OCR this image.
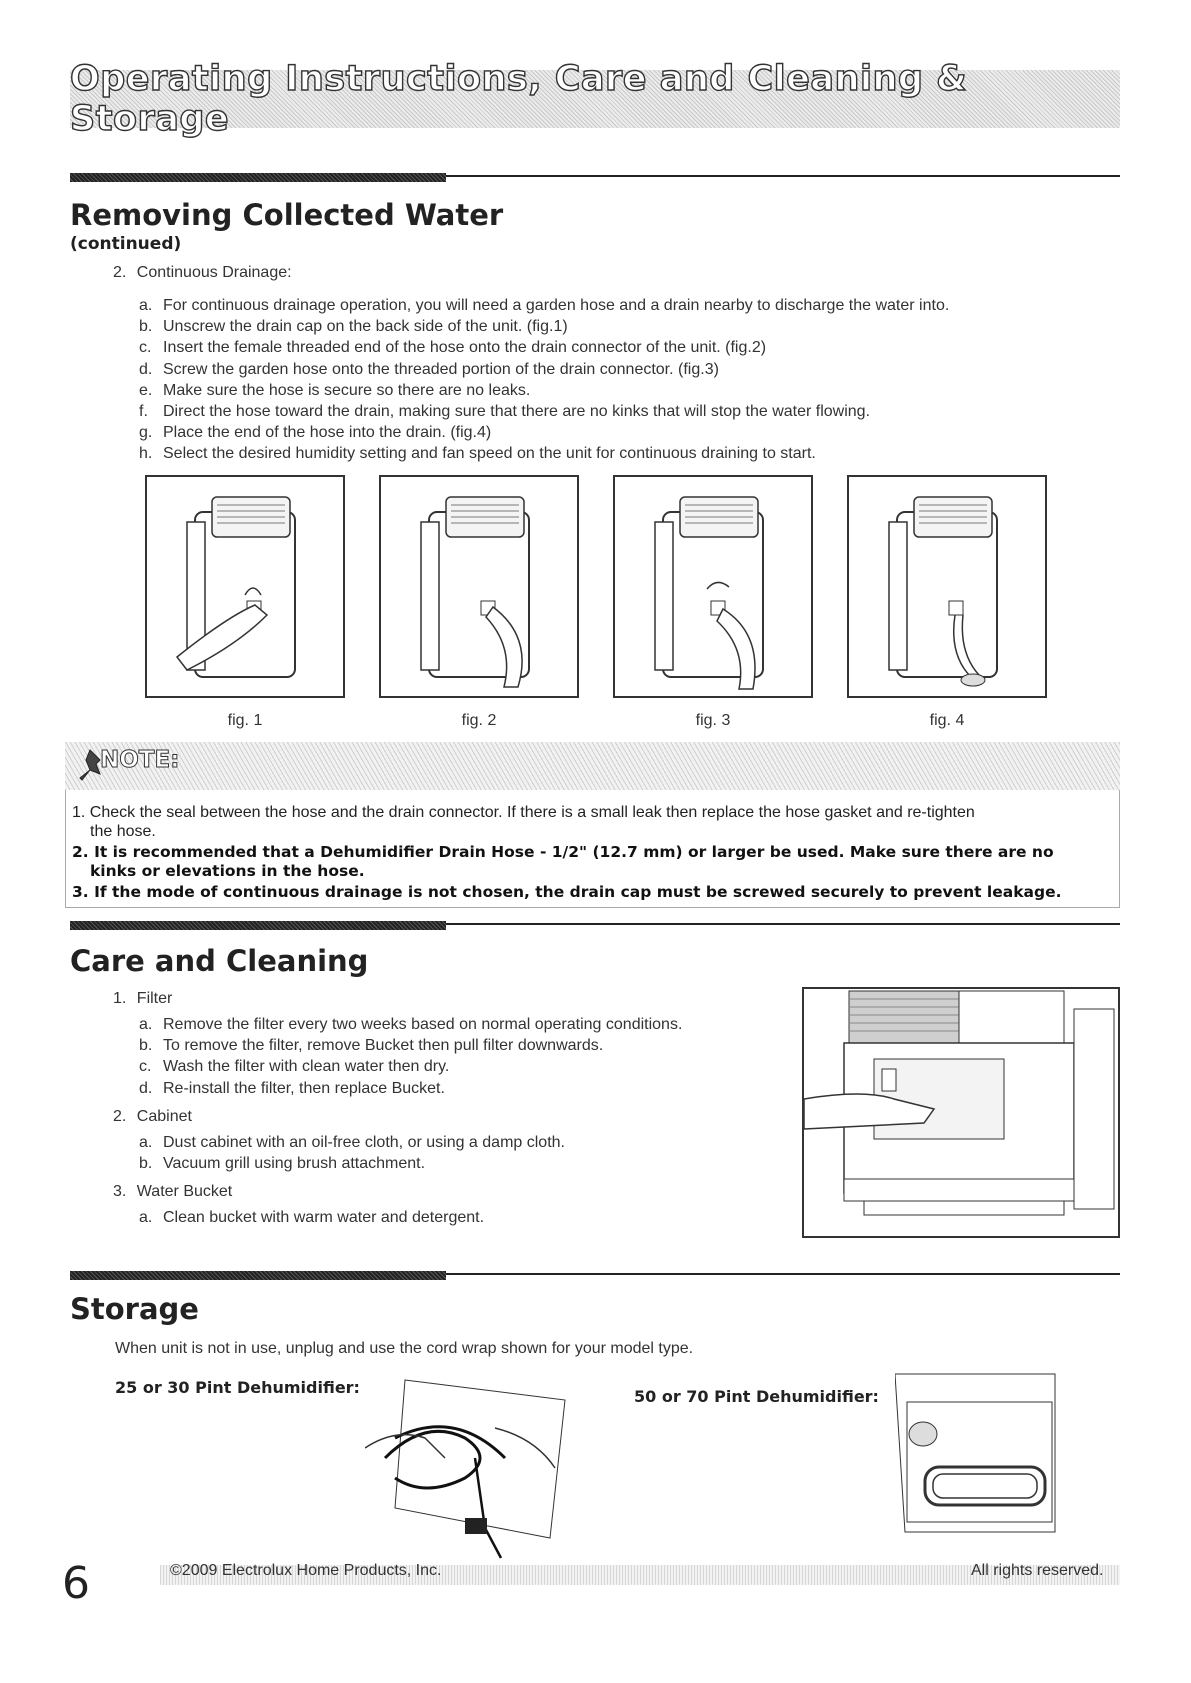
Operating Instructions, Care and Cleaning & Storage
Removing Collected Water
(continued)
2. Continuous Drainage:
a. For continuous drainage operation, you will need a garden hose and a drain nearby to discharge the water into.
b. Unscrew the drain cap on the back side of the unit. (fig.1)
c. Insert the female threaded end of the hose onto the drain connector of the unit. (fig.2)
d. Screw the garden hose onto the threaded portion of the drain connector. (fig.3)
e. Make sure the hose is secure so there are no leaks.
f. Direct the hose toward the drain, making sure that there are no kinks that will stop the water flowing.
g. Place the end of the hose into the drain. (fig.4)
h. Select the desired humidity setting and fan speed on the unit for continuous draining to start.
fig. 1	fig. 2	fig. 3	fig. 4
NOTE:
1. Check the seal between the hose and the drain connector. If there is a small leak then replace the hose gasket and re-tighten
the hose.
2. It is recommended that a Dehumidifier Drain Hose - 1/2" (12.7 mm) or larger be used. Make sure there are no
kinks or elevations in the hose.
3. If the mode of continuous drainage is not chosen, the drain cap must be screwed securely to prevent leakage.
Care and Cleaning
1. Filter
a. Remove the filter every two weeks based on normal operating conditions.
b. To remove the filter, remove Bucket then pull filter downwards.
c. Wash the filter with clean water then dry.
d. Re-install the filter, then replace Bucket.
2. Cabinet
a. Dust cabinet with an oil-free cloth, or using a damp cloth.
b. Vacuum grill using brush attachment.
3. Water Bucket
a. Clean bucket with warm water and detergent.
Storage
When unit is not in use, unplug and use the cord wrap shown for your model type.
25 or 30 Pint Dehumidifier:	50 or 70 Pint Dehumidifier:
6	©2009 Electrolux Home Products, Inc.	All rights reserved.
